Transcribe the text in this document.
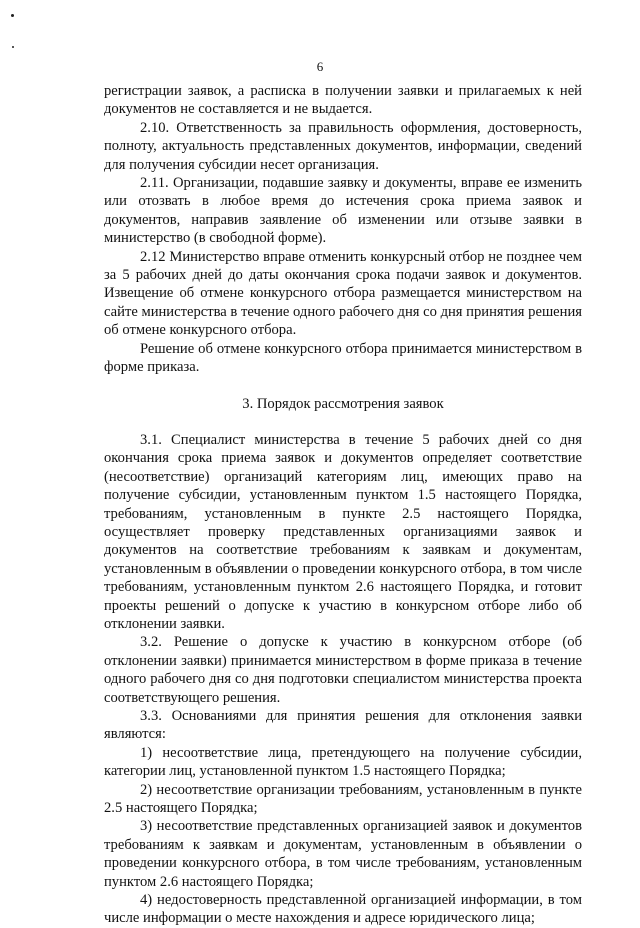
6

регистрации заявок, а расписка в получении заявки и прилагаемых к ней документов не составляется и не выдается.

2.10. Ответственность за правильность оформления, достоверность, полноту, актуальность представленных документов, информации, сведений для получения субсидии несет организация.

2.11. Организации, подавшие заявку и документы, вправе ее изменить или отозвать в любое время до истечения срока приема заявок и документов, направив заявление об изменении или отзыве заявки в министерство (в свободной форме).

2.12 Министерство вправе отменить конкурсный отбор не позднее чем за 5 рабочих дней до даты окончания срока подачи заявок и документов. Извещение об отмене конкурсного отбора размещается министерством на сайте министерства в течение одного рабочего дня со дня принятия решения об отмене конкурсного отбора.

Решение об отмене конкурсного отбора принимается министерством в форме приказа.

3. Порядок рассмотрения заявок

3.1. Специалист министерства в течение 5 рабочих дней со дня окончания срока приема заявок и документов определяет соответствие (несоответствие) организаций категориям лиц, имеющих право на получение субсидии, установленным пунктом 1.5 настоящего Порядка, требованиям, установленным в пункте 2.5 настоящего Порядка, осуществляет проверку представленных организациями заявок и документов на соответствие требованиям к заявкам и документам, установленным в объявлении о проведении конкурсного отбора, в том числе требованиям, установленным пунктом 2.6 настоящего Порядка, и готовит проекты решений о допуске к участию в конкурсном отборе либо об отклонении заявки.

3.2. Решение о допуске к участию в конкурсном отборе (об отклонении заявки) принимается министерством в форме приказа в течение одного рабочего дня со дня подготовки специалистом министерства проекта соответствующего решения.

3.3. Основаниями для принятия решения для отклонения заявки являются:

1) несоответствие лица, претендующего на получение субсидии, категории лиц, установленной пунктом 1.5 настоящего Порядка;

2) несоответствие организации требованиям, установленным в пункте 2.5 настоящего Порядка;

3) несоответствие представленных организацией заявок и документов требованиям к заявкам и документам, установленным в объявлении о проведении конкурсного отбора, в том числе требованиям, установленным пунктом 2.6 настоящего Порядка;

4) недостоверность представленной организацией информации, в том числе информации о месте нахождения и адресе юридического лица;
